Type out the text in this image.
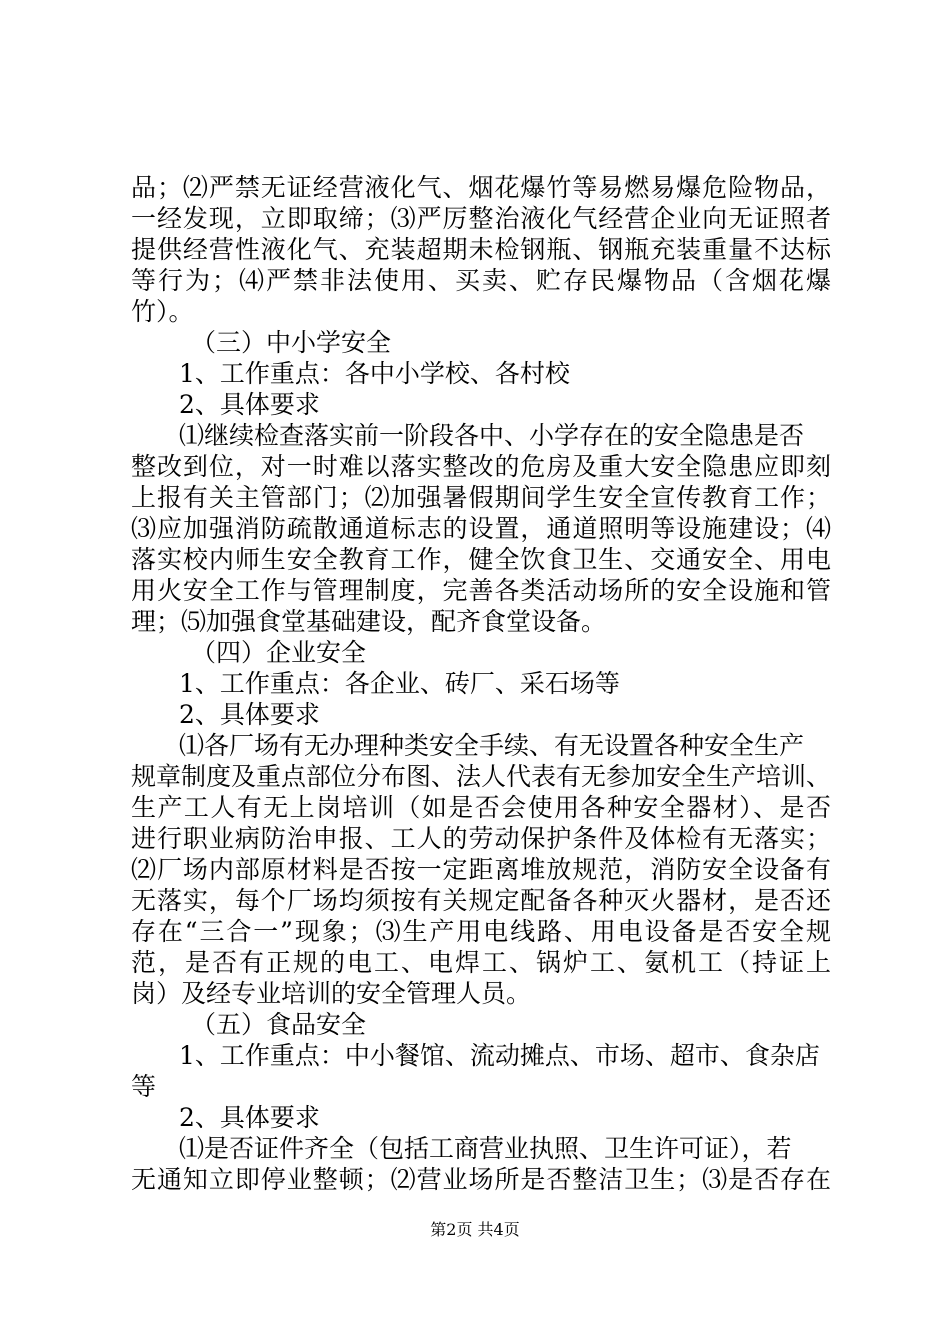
品；⑵严禁无证经营液化气、烟花爆竹等易燃易爆危险物品，
一经发现，立即取缔；⑶严厉整治液化气经营企业向无证照者
提供经营性液化气、充装超期未检钢瓶、钢瓶充装重量不达标
等行为；⑷严禁非法使用、买卖、贮存民爆物品（含烟花爆
竹）。
（三）中小学安全
1、工作重点：各中小学校、各村校
2、具体要求
⑴继续检查落实前一阶段各中、小学存在的安全隐患是否
整改到位，对一时难以落实整改的危房及重大安全隐患应即刻
上报有关主管部门；⑵加强暑假期间学生安全宣传教育工作；
⑶应加强消防疏散通道标志的设置，通道照明等设施建设；⑷
落实校内师生安全教育工作，健全饮食卫生、交通安全、用电
用火安全工作与管理制度，完善各类活动场所的安全设施和管
理；⑸加强食堂基础建设，配齐食堂设备。
（四）企业安全
1、工作重点：各企业、砖厂、采石场等
2、具体要求
⑴各厂场有无办理种类安全手续、有无设置各种安全生产
规章制度及重点部位分布图、法人代表有无参加安全生产培训、
生产工人有无上岗培训（如是否会使用各种安全器材）、是否
进行职业病防治申报、工人的劳动保护条件及体检有无落实；
⑵厂场内部原材料是否按一定距离堆放规范，消防安全设备有
无落实，每个厂场均须按有关规定配备各种灭火器材，是否还
存在“三合一”现象；⑶生产用电线路、用电设备是否安全规
范，是否有正规的电工、电焊工、锅炉工、氨机工（持证上
岗）及经专业培训的安全管理人员。
（五）食品安全
1、工作重点：中小餐馆、流动摊点、市场、超市、食杂店
等
2、具体要求
⑴是否证件齐全（包括工商营业执照、卫生许可证），若
无通知立即停业整顿；⑵营业场所是否整洁卫生；⑶是否存在
第2页 共4页
